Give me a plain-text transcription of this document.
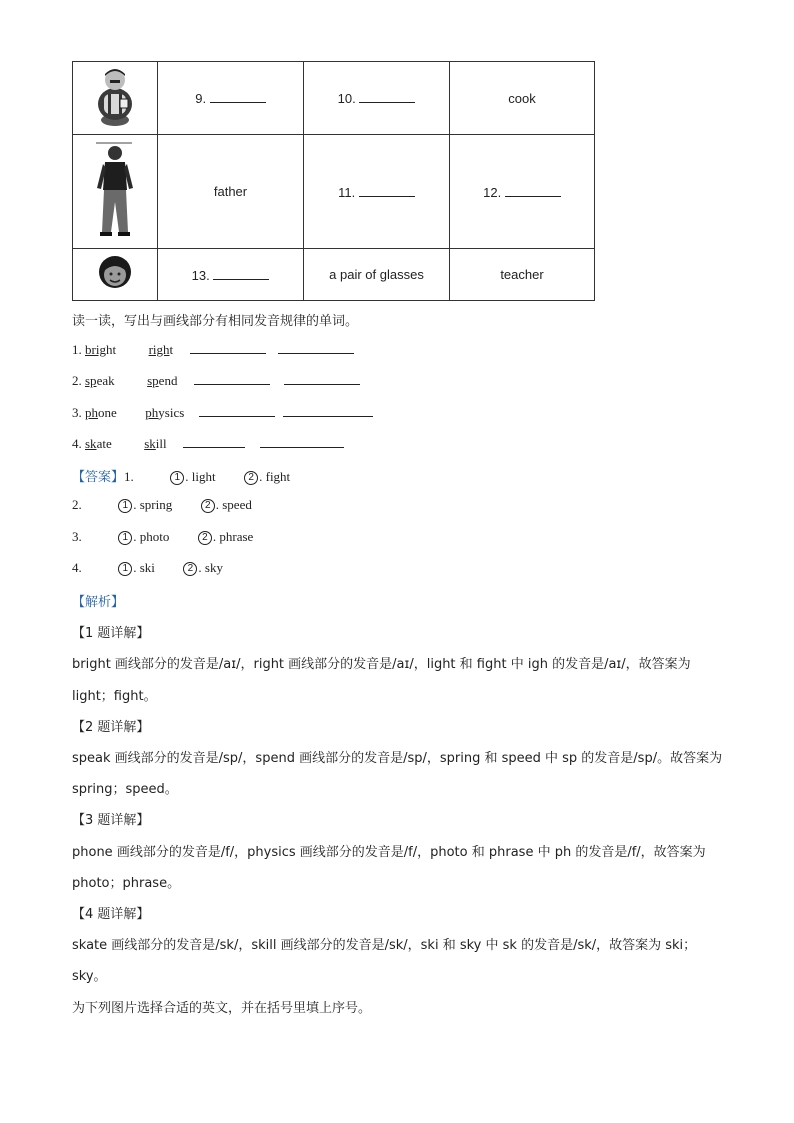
	9.	10.	cook
	father	11.	12.
	13.	a pair of glasses	teacher
读一读，写出与画线部分有相同发音规律的单词。
1. bright	right
2. speak	spend
3. phone physics
4. skate	skill
【答案】1.	1 . light	2 . fight
2.	1 . spring	2 . speed
3.	1 . photo	2 . phrase
4.	1 . ski	2 . sky
【解析】
【1 题详解】
bright 画线部分的发音是/aɪ/，right 画线部分的发音是/aɪ/，light 和 fight 中 igh 的发音是/aɪ/，故答案为
light；fight。
【2 题详解】
speak 画线部分的发音是/sp/，spend 画线部分的发音是/sp/，spring 和 speed 中 sp 的发音是/sp/。故答案为
spring；speed。
【3 题详解】
phone 画线部分的发音是/f/，physics 画线部分的发音是/f/，photo 和 phrase 中 ph 的发音是/f/，故答案为
photo；phrase。
【4 题详解】
skate 画线部分的发音是/sk/，skill 画线部分的发音是/sk/，ski 和 sky 中 sk 的发音是/sk/，故答案为 ski；
sky。
为下列图片选择合适的英文，并在括号里填上序号。
